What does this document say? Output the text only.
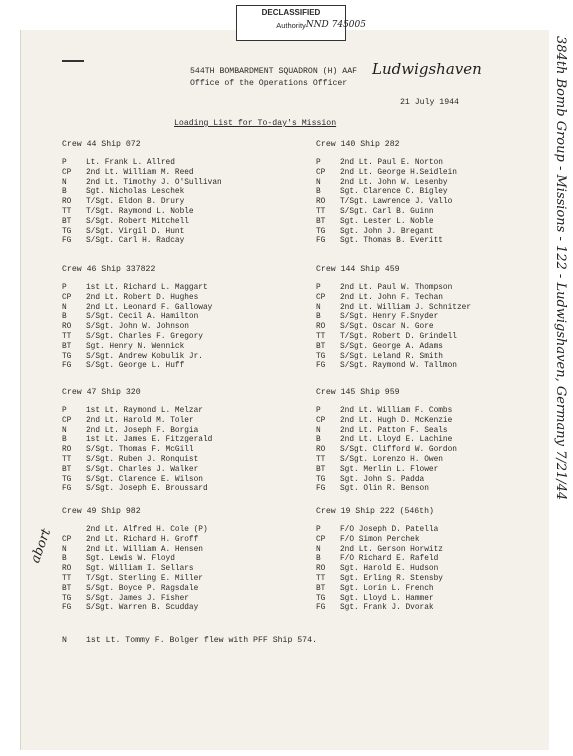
DECLASSIFIED
Authority NND 745005
544TH BOMBARDMENT SQUADRON (H) AAF Ludwigshaven
Office of the Operations Officer
21 July 1944
Loading List for To-day's Mission
Crew 44 Ship 072
P Lt. Frank L. Allred
CP 2nd Lt. William M. Reed
N 2nd Lt. Timothy J. O'Sullivan
B Sgt. Nicholas Leschek
RO T/Sgt. Eldon B. Drury
TT T/Sgt. Raymond L. Noble
BT S/Sgt. Robert Mitchell
TG S/Sgt. Virgil D. Hunt
FG S/Sgt. Carl H. Radcay
Crew 140 Ship 282
P 2nd Lt. Paul E. Norton
CP 2nd Lt. George H.Seidlein
N 2nd Lt. John W. Lesenby
B Sgt. Clarence C. Bigley
RO T/Sgt. Lawrence J. Vallo
TT S/Sgt. Carl B. Guinn
BT Sgt. Lester L. Noble
TG Sgt. John J. Bregant
FG Sgt. Thomas B. Everitt
Crew 46 Ship 337822
P 1st Lt. Richard L. Maggart
CP 2nd Lt. Robert D. Hughes
N 2nd Lt. Leonard F. Galloway
B S/Sgt. Cecil A. Hamilton
RO S/Sgt. John W. Johnson
TT S/Sgt. Charles F. Gregory
BT Sgt. Henry N. Wennick
TG S/Sgt. Andrew Kobulik Jr.
FG S/Sgt. George L. Huff
Crew 144 Ship 459
P 2nd Lt. Paul W. Thompson
CP 2nd Lt. John F. Techan
N 2nd Lt. William J. Schnitzer
B S/Sgt. Henry F.Snyder
RO S/Sgt. Oscar N. Gore
TT T/Sgt. Robert D. Grindell
BT S/Sgt. George A. Adams
TG S/Sgt. Leland R. Smith
FG S/Sgt. Raymond W. Tallmon
Crew 47 Ship 320
P 1st Lt. Raymond L. Melzar
CP 2nd Lt. Harold M. Toler
N 2nd Lt. Joseph F. Borgia
B 1st Lt. James E. Fitzgerald
RO S/Sgt. Thomas F. McGill
TT S/Sgt. Ruben J. Ronquist
BT S/Sgt. Charles J. Walker
TG S/Sgt. Clarence E. Wilson
FG S/Sgt. Joseph E. Broussard
Crew 145 Ship 959
P 2nd Lt. William F. Combs
CP 2nd Lt. Hugh D. McKenzie
N 2nd Lt. Patton F. Seals
B 2nd Lt. Lloyd E. Lachine
RO S/Sgt. Clifford W. Gordon
TT S/Sgt. Lorenzo H. Owen
BT Sgt. Merlin L. Flower
TG Sgt. John S. Padda
FG Sgt. Olin R. Benson
Crew 49 Ship 982
2nd Lt. Alfred H. Cole (P)
CP 2nd Lt. Richard H. Groff
N 2nd Lt. William A. Hensen
B Sgt. Lewis W. Floyd
RO Sgt. William I. Sellars
TT T/Sgt. Sterling E. Miller
BT S/Sgt. Boyce P. Ragsdale
TG S/Sgt. James J. Fisher
FG S/Sgt. Warren B. Scudday
Crew 19 Ship 222 (546th)
P F/O Joseph D. Patella
CP F/O Simon Perchek
N 2nd Lt. Gerson Horwitz
B F/O Richard E. Rafeld
RO Sgt. Harold E. Hudson
TT Sgt. Erling R. Stensby
BT Sgt. Lorin L. French
TG Sgt. Lloyd L. Hammer
FG Sgt. Frank J. Dvorak
N 1st Lt. Tommy F. Bolger flew with PFF Ship 574.
abort
384th Bomb Group - Missions - 122 - Ludwigshaven, Germany 7/21/44
